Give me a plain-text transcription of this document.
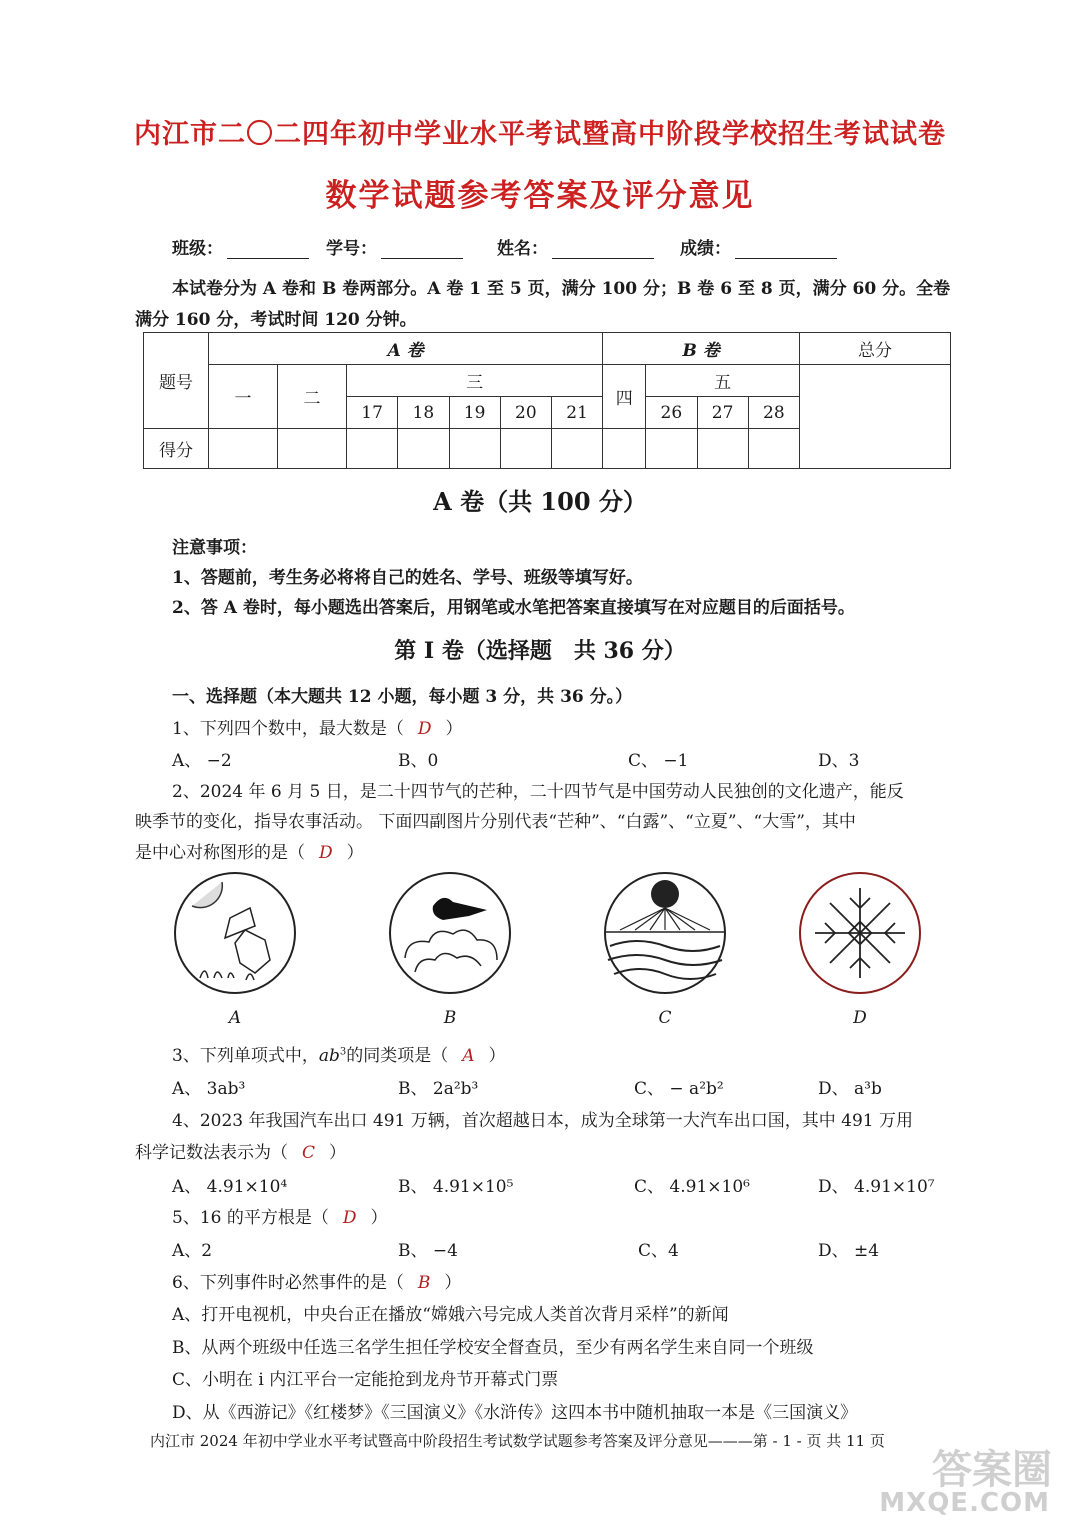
内江市二〇二四年初中学业水平考试暨高中阶段学校招生考试试卷
数学试题参考答案及评分意见
班级：	学号：	姓名：	成绩：
本试卷分为 A 卷和 B 卷两部分。A 卷 1 至 5 页，满分 100 分；B 卷 6 至 8 页，满分 60 分。全卷
满分 160 分，考试时间 120 分钟。
题号	A 卷							B 卷				总分
	一	二	三					四	五			
			17	18	19	20	21		26	27	28	
得分												
A 卷（共 100 分）
注意事项：
1、答题前，考生务必将将自己的姓名、学号、班级等填写好。
2、答 A 卷时，每小题选出答案后，用钢笔或水笔把答案直接填写在对应题目的后面括号。
第 I 卷（选择题　共 36 分）
一、选择题（本大题共 12 小题，每小题 3 分，共 36 分。）
1、下列四个数中，最大数是（ D ）
A、 −2	B、0	C、 −1	D、3
2、2024 年 6 月 5 日，是二十四节气的芒种，二十四节气是中国劳动人民独创的文化遗产，能反
映季节的变化，指导农事活动。 下面四副图片分别代表“芒种”、“白露”、“立夏”、“大雪”，其中
是中心对称图形的是（ D ）
A	B	C	D
3、下列单项式中，$ab^3$的同类项是（ A ）
A、 3ab³	B、 2a²b³	C、 − a²b²	D、 a³b
4、2023 年我国汽车出口 491 万辆，首次超越日本，成为全球第一大汽车出口国，其中 491 万用
科学记数法表示为（ C ）
A、 4.91×10⁴	B、 4.91×10⁵	C、 4.91×10⁶	D、 4.91×10⁷
5、16 的平方根是（ D ）
A、2	B、 −4	C、4	D、 ±4
6、下列事件时必然事件的是（ B ）
A、打开电视机，中央台正在播放“嫦娥六号完成人类首次背月采样”的新闻
B、从两个班级中任选三名学生担任学校安全督查员，至少有两名学生来自同一个班级
C、小明在 i 内江平台一定能抢到龙舟节开幕式门票
D、从《西游记》《红楼梦》《三国演义》《水浒传》这四本书中随机抽取一本是《三国演义》
内江市 2024 年初中学业水平考试暨高中阶段招生考试数学试题参考答案及评分意见———第 - 1 - 页 共 11 页
答案圈
MXQE.COM
